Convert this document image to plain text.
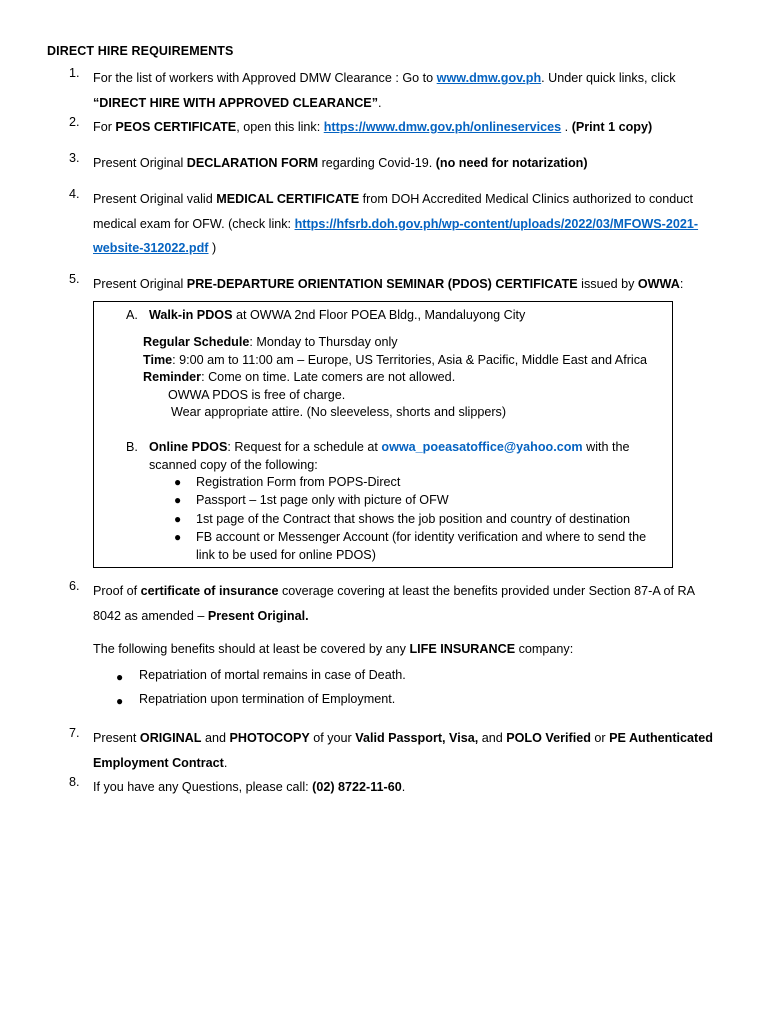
DIRECT HIRE REQUIREMENTS
1. For the list of workers with Approved DMW Clearance : Go to www.dmw.gov.ph. Under quick links, click
“DIRECT HIRE WITH APPROVED CLEARANCE”.
2. For PEOS CERTIFICATE, open this link: https://www.dmw.gov.ph/onlineservices . (Print 1 copy)
3. Present Original DECLARATION FORM regarding Covid-19. (no need for notarization)
4. Present Original valid MEDICAL CERTIFICATE from DOH Accredited Medical Clinics authorized to conduct
medical exam for OFW. (check link: https://hfsrb.doh.gov.ph/wp-content/uploads/2022/03/MFOWS-2021-
website-312022.pdf )
5. Present Original PRE-DEPARTURE ORIENTATION SEMINAR (PDOS) CERTIFICATE issued by OWWA:
A. Walk-in PDOS at OWWA 2nd Floor POEA Bldg., Mandaluyong City
Regular Schedule: Monday to Thursday only
Time: 9:00 am to 11:00 am – Europe, US Territories, Asia & Pacific, Middle East and Africa
Reminder: Come on time. Late comers are not allowed.
OWWA PDOS is free of charge.
Wear appropriate attire. (No sleeveless, shorts and slippers)
B. Online PDOS: Request for a schedule at owwa_poeasatoffice@yahoo.com with the
scanned copy of the following:
● Registration Form from POPS-Direct
● Passport – 1st page only with picture of OFW
● 1st page of the Contract that shows the job position and country of destination
● FB account or Messenger Account (for identity verification and where to send the
link to be used for online PDOS)
6. Proof of certificate of insurance coverage covering at least the benefits provided under Section 87-A of RA
8042 as amended – Present Original.
The following benefits should at least be covered by any LIFE INSURANCE company:
● Repatriation of mortal remains in case of Death.
● Repatriation upon termination of Employment.
7. Present ORIGINAL and PHOTOCOPY of your Valid Passport, Visa, and POLO Verified or PE Authenticated
Employment Contract.
8. If you have any Questions, please call: (02) 8722-11-60.
